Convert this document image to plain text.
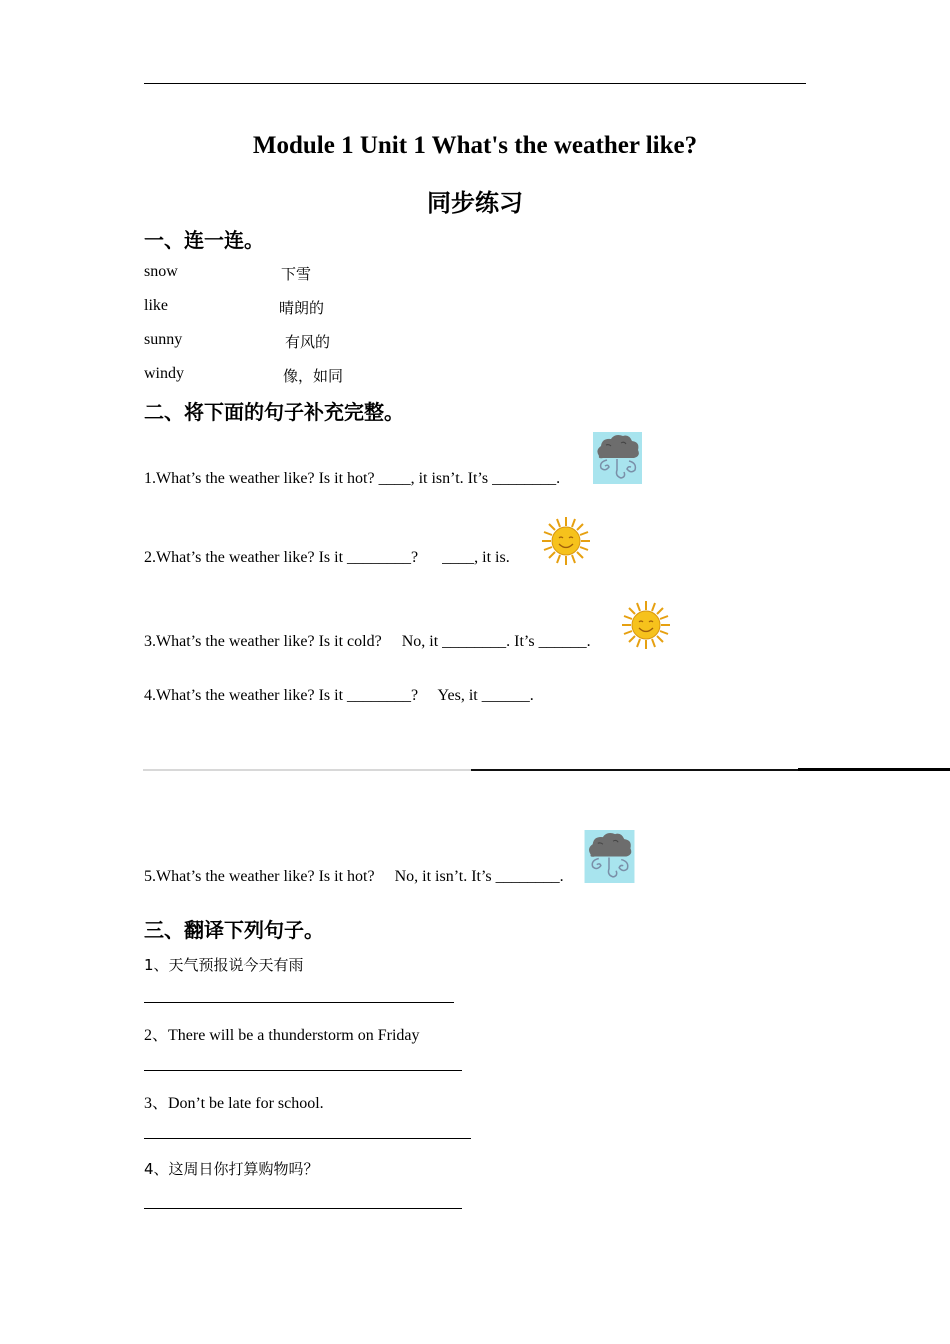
Module 1 Unit 1 What's the weather like?
同步练习
一、连一连。
snow	下雪
like	晴朗的
sunny	有风的
windy	像，如同
二、将下面的句子补充完整。
1.What’s the weather like? Is it hot? ____, it isn’t. It’s ________.
2.What’s the weather like? Is it ________?      ____, it is.
3.What’s the weather like? Is it cold?     No, it ________. It’s ______.
4.What’s the weather like? Is it ________?     Yes, it ______.
5.What’s the weather like? Is it hot?     No, it isn’t. It’s ________.
三、翻译下列句子。
1、天气预报说今天有雨
2、There will be a thunderstorm on Friday
3、Don’t be late for school.
4、这周日你打算购物吗？
